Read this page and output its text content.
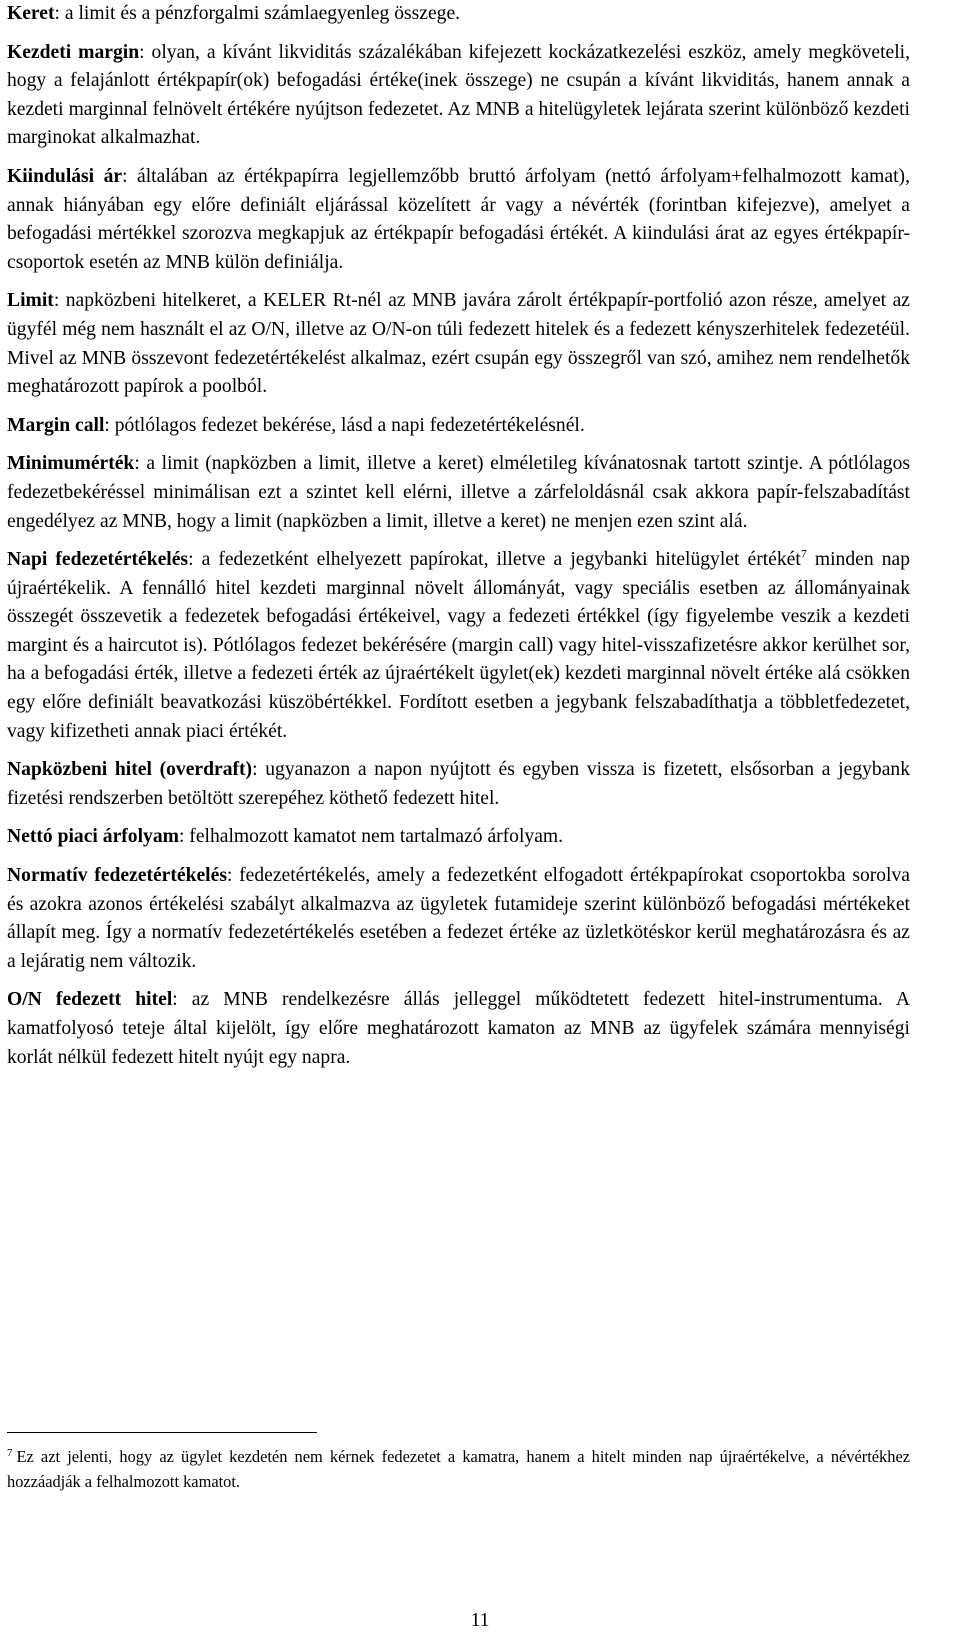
Keret: a limit és a pénzforgalmi számlaegyenleg összege.

Kezdeti margin: olyan, a kívánt likviditás százalékában kifejezett kockázatkezelési eszköz, amely megköveteli, hogy a felajánlott értékpapír(ok) befogadási értéke(inek összege) ne csupán a kívánt likviditás, hanem annak a kezdeti marginnal felnövelt értékére nyújtson fedezetet. Az MNB a hitelügyletek lejárata szerint különböző kezdeti marginokat alkalmazhat.

Kiindulási ár: általában az értékpapírra legjellemzőbb bruttó árfolyam (nettó árfolyam+felhalmozott kamat), annak hiányában egy előre definiált eljárással közelített ár vagy a névérték (forintban kifejezve), amelyet a befogadási mértékkel szorozva megkapjuk az értékpapír befogadási értékét. A kiindulási árat az egyes értékpapír-csoportok esetén az MNB külön definiálja.

Limit: napközbeni hitelkeret, a KELER Rt-nél az MNB javára zárolt értékpapír-portfolió azon része, amelyet az ügyfél még nem használt el az O/N, illetve az O/N-on túli fedezett hitelek és a fedezett kényszerhitelek fedezetéül. Mivel az MNB összevont fedezetértékelést alkalmaz, ezért csupán egy összegről van szó, amihez nem rendelhetők meghatározott papírok a poolból.

Margin call: pótlólagos fedezet bekérése, lásd a napi fedezetértékelésnél.

Minimumérték: a limit (napközben a limit, illetve a keret) elméletileg kívánatosnak tartott szintje. A pótlólagos fedezetbekéréssel minimálisan ezt a szintet kell elérni, illetve a zárfeloldásnál csak akkora papír-felszabadítást engedélyez az MNB, hogy a limit (napközben a limit, illetve a keret) ne menjen ezen szint alá.

Napi fedezetértékelés: a fedezetként elhelyezett papírokat, illetve a jegybanki hitelügylet értékét$^7$ minden nap újraértékelik. A fennálló hitel kezdeti marginnal növelt állományát, vagy speciális esetben az állományainak összegét összevetik a fedezetek befogadási értékeivel, vagy a fedezeti értékkel (így figyelembe veszik a kezdeti margint és a haircutot is). Pótlólagos fedezet bekérésére (margin call) vagy hitel-visszafizetésre akkor kerülhet sor, ha a befogadási érték, illetve a fedezeti érték az újraértékelt ügylet(ek) kezdeti marginnal növelt értéke alá csökken egy előre definiált beavatkozási küszöbértékkel. Fordított esetben a jegybank felszabadíthatja a többletfedezetet, vagy kifizetheti annak piaci értékét.

Napközbeni hitel (overdraft): ugyanazon a napon nyújtott és egyben vissza is fizetett, elsősorban a jegybank fizetési rendszerben betöltött szerepéhez köthető fedezett hitel.

Nettó piaci árfolyam: felhalmozott kamatot nem tartalmazó árfolyam.

Normatív fedezetértékelés: fedezetértékelés, amely a fedezetként elfogadott értékpapírokat csoportokba sorolva és azokra azonos értékelési szabályt alkalmazva az ügyletek futamideje szerint különböző befogadási mértékeket állapít meg. Így a normatív fedezetértékelés esetében a fedezet értéke az üzletkötéskor kerül meghatározásra és az a lejáratig nem változik.

O/N fedezett hitel: az MNB rendelkezésre állás jelleggel működtetett fedezett hitel-instrumentuma. A kamatfolyosó teteje által kijelölt, így előre meghatározott kamaton az MNB az ügyfelek számára mennyiségi korlát nélkül fedezett hitelt nyújt egy napra.

$^7$ Ez azt jelenti, hogy az ügylet kezdetén nem kérnek fedezetet a kamatra, hanem a hitelt minden nap újraértékelve, a névértékhez hozzáadják a felhalmozott kamatot.
11
